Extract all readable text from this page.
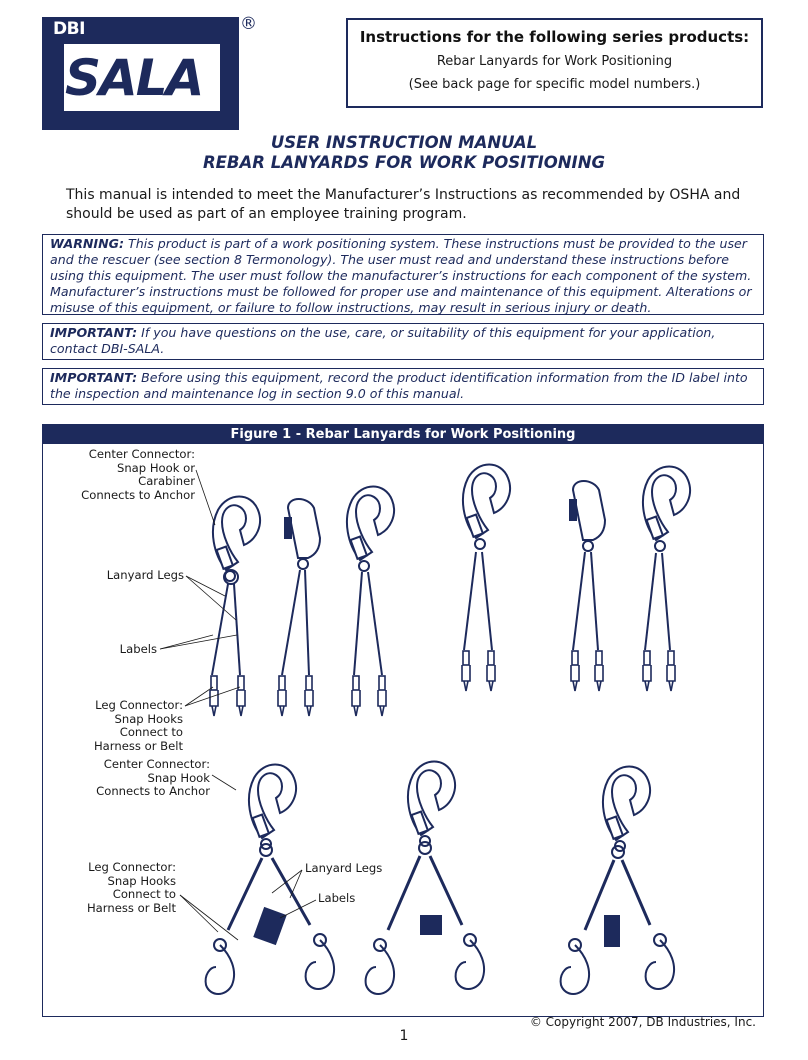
DBI
SALA
®
Instructions for the following series products:
Rebar Lanyards for Work Positioning
(See back page for specific model numbers.)
USER INSTRUCTION MANUAL
REBAR LANYARDS FOR WORK POSITIONING
This manual is intended to meet the Manufacturer’s Instructions as recommended by OSHA and should be used as part of an employee training program.
WARNING: This product is part of a work positioning system. These instructions must be provided to the user and the rescuer (see section 8 Termonology). The user must read and understand these instructions before using this equipment. The user must follow the manufacturer’s instructions for each component of the system. Manufacturer’s instructions must be followed for proper use and maintenance of this equipment. Alterations or misuse of this equipment, or failure to follow instructions, may result in serious injury or death.
IMPORTANT: If you have questions on the use, care, or suitability of this equipment for your application, contact DBI-SALA.
IMPORTANT: Before using this equipment, record the product identification information from the ID label into the inspection and maintenance log in section 9.0 of this manual.
Figure 1 - Rebar Lanyards for Work Positioning
Center Connector:
Snap Hook or
Carabiner
Connects to Anchor
Lanyard Legs
Labels
Leg Connector:
Snap Hooks
Connect to
Harness or Belt
Center Connector:
Snap Hook
Connects to Anchor
Leg Connector:
Snap Hooks
Connect to
Harness or Belt
Lanyard Legs
Labels
© Copyright 2007, DB Industries, Inc.
1
